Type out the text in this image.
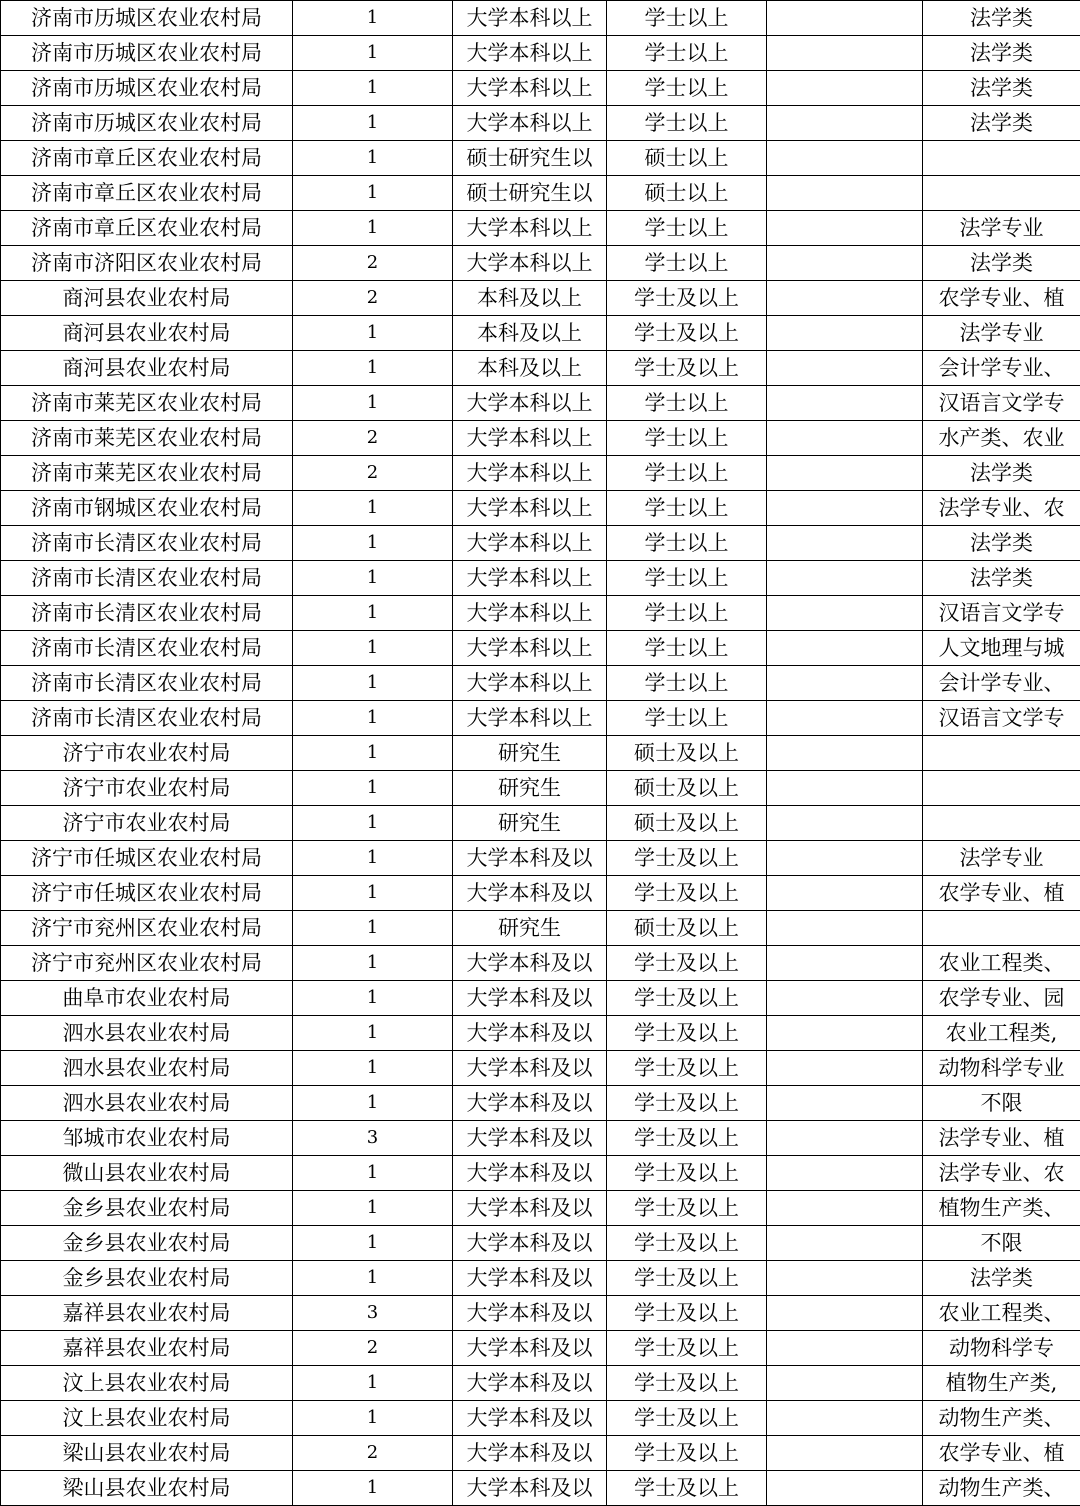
济南市历城区农业农村局	1	大学本科以上	学士以上		法学类
济南市历城区农业农村局	1	大学本科以上	学士以上		法学类
济南市历城区农业农村局	1	大学本科以上	学士以上		法学类
济南市历城区农业农村局	1	大学本科以上	学士以上		法学类
济南市章丘区农业农村局	1	硕士研究生以	硕士以上		
济南市章丘区农业农村局	1	硕士研究生以	硕士以上		
济南市章丘区农业农村局	1	大学本科以上	学士以上		法学专业
济南市济阳区农业农村局	2	大学本科以上	学士以上		法学类
商河县农业农村局	2	本科及以上	学士及以上		农学专业、植
商河县农业农村局	1	本科及以上	学士及以上		法学专业
商河县农业农村局	1	本科及以上	学士及以上		会计学专业、
济南市莱芜区农业农村局	1	大学本科以上	学士以上		汉语言文学专
济南市莱芜区农业农村局	2	大学本科以上	学士以上		水产类、农业
济南市莱芜区农业农村局	2	大学本科以上	学士以上		法学类
济南市钢城区农业农村局	1	大学本科以上	学士以上		法学专业、农
济南市长清区农业农村局	1	大学本科以上	学士以上		法学类
济南市长清区农业农村局	1	大学本科以上	学士以上		法学类
济南市长清区农业农村局	1	大学本科以上	学士以上		汉语言文学专
济南市长清区农业农村局	1	大学本科以上	学士以上		人文地理与城
济南市长清区农业农村局	1	大学本科以上	学士以上		会计学专业、
济南市长清区农业农村局	1	大学本科以上	学士以上		汉语言文学专
济宁市农业农村局	1	研究生	硕士及以上		
济宁市农业农村局	1	研究生	硕士及以上		
济宁市农业农村局	1	研究生	硕士及以上		
济宁市任城区农业农村局	1	大学本科及以	学士及以上		法学专业
济宁市任城区农业农村局	1	大学本科及以	学士及以上		农学专业、植
济宁市兖州区农业农村局	1	研究生	硕士及以上		
济宁市兖州区农业农村局	1	大学本科及以	学士及以上		农业工程类、
曲阜市农业农村局	1	大学本科及以	学士及以上		农学专业、园
泗水县农业农村局	1	大学本科及以	学士及以上		农业工程类,
泗水县农业农村局	1	大学本科及以	学士及以上		动物科学专业
泗水县农业农村局	1	大学本科及以	学士及以上		不限
邹城市农业农村局	3	大学本科及以	学士及以上		法学专业、植
微山县农业农村局	1	大学本科及以	学士及以上		法学专业、农
金乡县农业农村局	1	大学本科及以	学士及以上		植物生产类、
金乡县农业农村局	1	大学本科及以	学士及以上		不限
金乡县农业农村局	1	大学本科及以	学士及以上		法学类
嘉祥县农业农村局	3	大学本科及以	学士及以上		农业工程类、
嘉祥县农业农村局	2	大学本科及以	学士及以上		动物科学专
汶上县农业农村局	1	大学本科及以	学士及以上		植物生产类,
汶上县农业农村局	1	大学本科及以	学士及以上		动物生产类、
梁山县农业农村局	2	大学本科及以	学士及以上		农学专业、植
梁山县农业农村局	1	大学本科及以	学士及以上		动物生产类、
